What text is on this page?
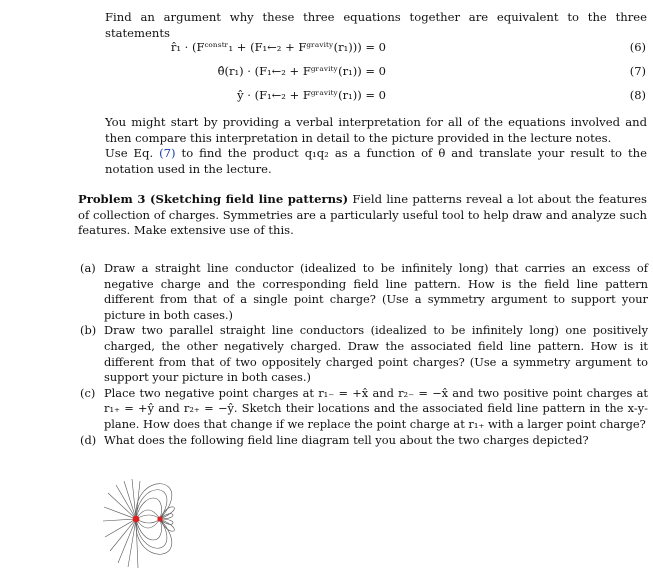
Find an argument why these three equations together are equivalent to the three statements
r̂₁ · (Fᶜᵒⁿˢᵗʳ₁ + (F₁←₂ + Fᵍʳᵃᵛⁱᵗʸ(r₁))) = 0	(6)
θ̂(r₁) · (F₁←₂ + Fᵍʳᵃᵛⁱᵗʸ(r₁)) = 0	(7)
ŷ · (F₁←₂ + Fᵍʳᵃᵛⁱᵗʸ(r₁)) = 0	(8)
You might start by providing a verbal interpretation for all of the equations involved and then compare this interpretation in detail to the picture provided in the lecture notes.
Use Eq. (7) to find the product q₁q₂ as a function of θ and translate your result to the notation used in the lecture.
Problem 3 (Sketching field line patterns) Field line patterns reveal a lot about the features of collection of charges. Symmetries are a particularly useful tool to help draw and analyze such features. Make extensive use of this.
(a) Draw a straight line conductor (idealized to be infinitely long) that carries an excess of negative charge and the corresponding field line pattern. How is the field line pattern different from that of a single point charge? (Use a symmetry argument to support your picture in both cases.)
(b) Draw two parallel straight line conductors (idealized to be infinitely long) one positively charged, the other negatively charged. Draw the associated field line pattern. How is it different from that of two oppositely charged point charges? (Use a symmetry argument to support your picture in both cases.)
(c) Place two negative point charges at r₁₋ = +x̂ and r₂₋ = −x̂ and two positive point charges at r₁₊ = +ŷ and r₂₊ = −ŷ. Sketch their locations and the associated field line pattern in the x-y-plane. How does that change if we replace the point charge at r₁₊ with a larger point charge?
(d) What does the following field line diagram tell you about the two charges depicted?
